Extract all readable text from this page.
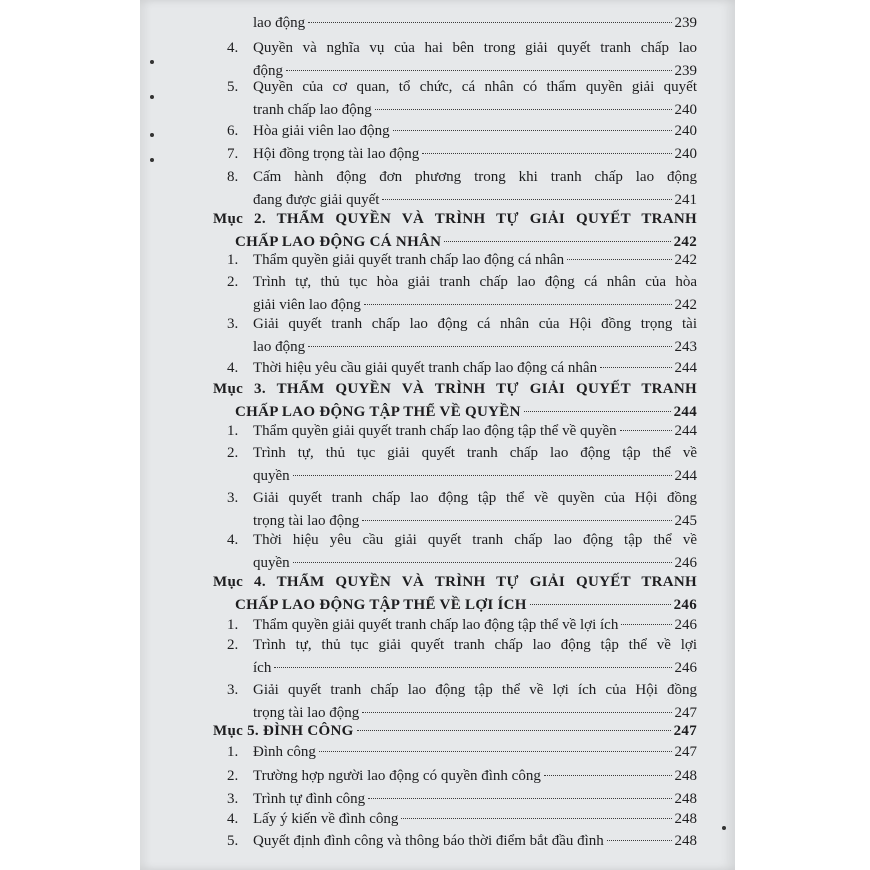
lao động	239
4. Quyền và nghĩa vụ của hai bên trong giải quyết tranh chấp lao
động	239
5. Quyền của cơ quan, tổ chức, cá nhân có thẩm quyền giải quyết
tranh chấp lao động	240
6. Hòa giải viên lao động	240
7. Hội đồng trọng tài lao động	240
8. Cấm hành động đơn phương trong khi tranh chấp lao động
đang được giải quyết	241
Mục 2. THẨM QUYỀN VÀ TRÌNH TỰ GIẢI QUYẾT TRANH
CHẤP LAO ĐỘNG CÁ NHÂN	242
1. Thẩm quyền giải quyết tranh chấp lao động cá nhân	242
2. Trình tự, thủ tục hòa giải tranh chấp lao động cá nhân của hòa
giải viên lao động	242
3. Giải quyết tranh chấp lao động cá nhân của Hội đồng trọng tài
lao động	243
4. Thời hiệu yêu cầu giải quyết tranh chấp lao động cá nhân	244
Mục 3. THẨM QUYỀN VÀ TRÌNH TỰ GIẢI QUYẾT TRANH
CHẤP LAO ĐỘNG TẬP THỂ VỀ QUYỀN	244
1. Thẩm quyền giải quyết tranh chấp lao động tập thể về quyền	244
2. Trình tự, thủ tục giải quyết tranh chấp lao động tập thể về
quyền	244
3. Giải quyết tranh chấp lao động tập thể về quyền của Hội đồng
trọng tài lao động	245
4. Thời hiệu yêu cầu giải quyết tranh chấp lao động tập thể về
quyền	246
Mục 4. THẨM QUYỀN VÀ TRÌNH TỰ GIẢI QUYẾT TRANH
CHẤP LAO ĐỘNG TẬP THỂ VỀ LỢI ÍCH	246
1. Thẩm quyền giải quyết tranh chấp lao động tập thể về lợi ích	246
2. Trình tự, thủ tục giải quyết tranh chấp lao động tập thể về lợi
ích	246
3. Giải quyết tranh chấp lao động tập thể về lợi ích của Hội đồng
trọng tài lao động	247
Mục 5. ĐÌNH CÔNG	247
1. Đình công	247
2. Trường hợp người lao động có quyền đình công	248
3. Trình tự đình công	248
4. Lấy ý kiến về đình công	248
5. Quyết định đình công và thông báo thời điểm bắt đầu đình	248
